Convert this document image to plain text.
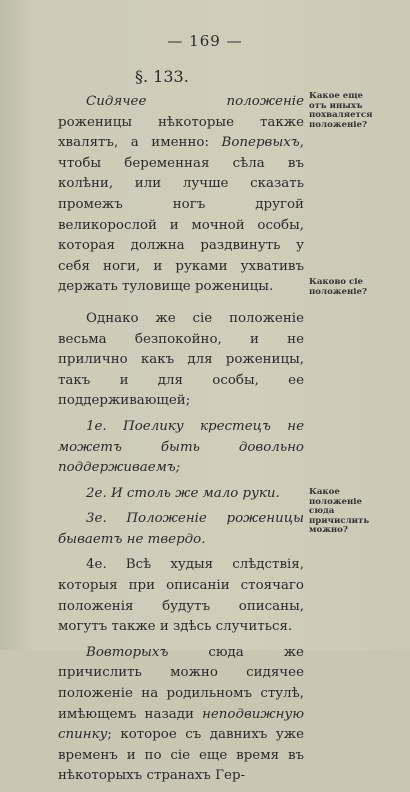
— 169 —
§. 133.

Сидячее положеніе роженицы нѣкоторые также хвалятъ, а именно: Вопервыхъ, чтобы беременная сѣла въ колѣни, или лучше сказать промежъ ногъ другой великорослой и мочной особы, которая должна раздвинуть у себя ноги, и руками ухвативъ держать туловище роженицы.

Однако же сіе положеніе весьма безпокойно, и не прилично какъ для роженицы, такъ и для особы, ее поддерживающей;

1е. Поелику крестецъ не можетъ быть довольно поддерживаемъ;

2е. И столь же мало руки.

3е. Положеніе роженицы бываетъ не твердо.

4е. Всѣ худыя слѣдствія, которыя при описаніи стоячаго положенія будутъ описаны, могутъ также и здѣсь случиться.

Вовторыхъ сюда же причислить можно сидячее положеніе на родильномъ стулѣ, имѣющемъ назади неподвижную спинку; которое съ давнихъ уже временъ и по сіе еще время въ нѣкоторыхъ странахъ Гер-

Какое еще отъ иныхъ похваляется положеніе?
Каково сіе положеніе?
Какое положеніе сюда причислить можно?
